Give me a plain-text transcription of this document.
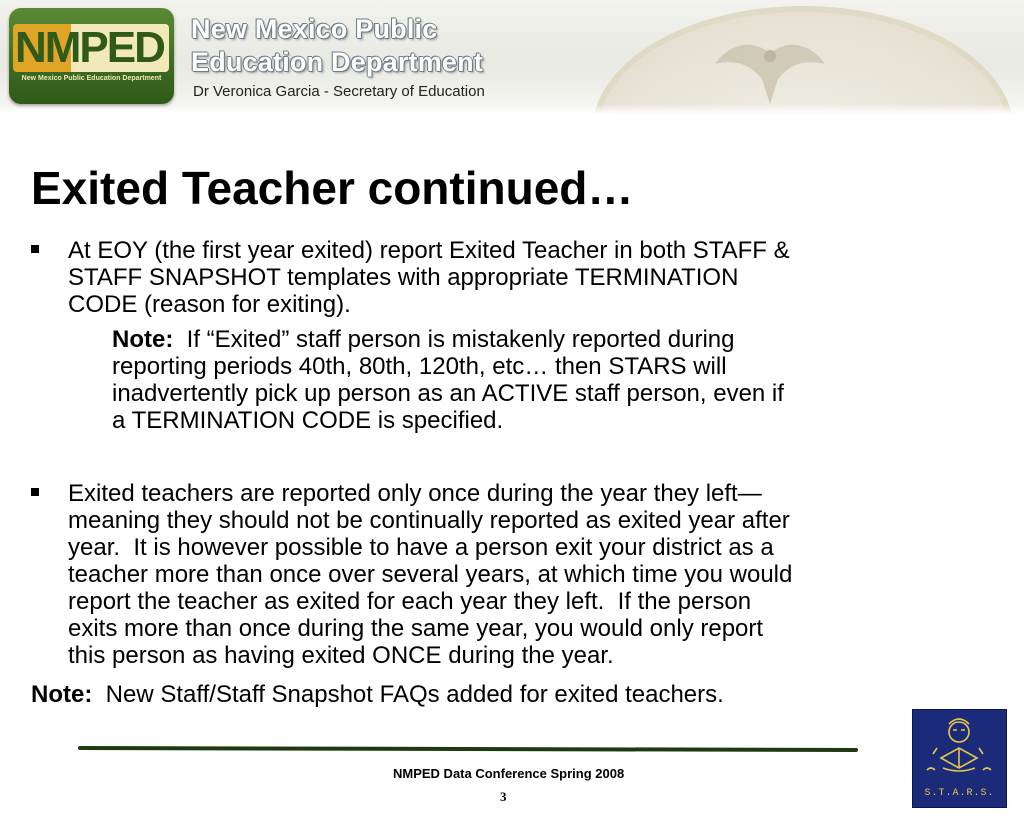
NMPED
New Mexico Public Education Department
New Mexico Public
Education Department
Dr Veronica Garcia - Secretary of Education
Exited Teacher continued…
At EOY (the first year exited) report Exited Teacher in both STAFF &
STAFF SNAPSHOT templates with appropriate TERMINATION
CODE (reason for exiting).
Note:  If “Exited” staff person is mistakenly reported during
reporting periods 40th, 80th, 120th, etc… then STARS will
inadvertently pick up person as an ACTIVE staff person, even if
a TERMINATION CODE is specified.
Exited teachers are reported only once during the year they left—
meaning they should not be continually reported as exited year after
year.  It is however possible to have a person exit your district as a
teacher more than once over several years, at which time you would
report the teacher as exited for each year they left.  If the person
exits more than once during the same year, you would only report
this person as having exited ONCE during the year.
Note:  New Staff/Staff Snapshot FAQs added for exited teachers.
NMPED Data Conference Spring 2008
3	S.T.A.R.S.
